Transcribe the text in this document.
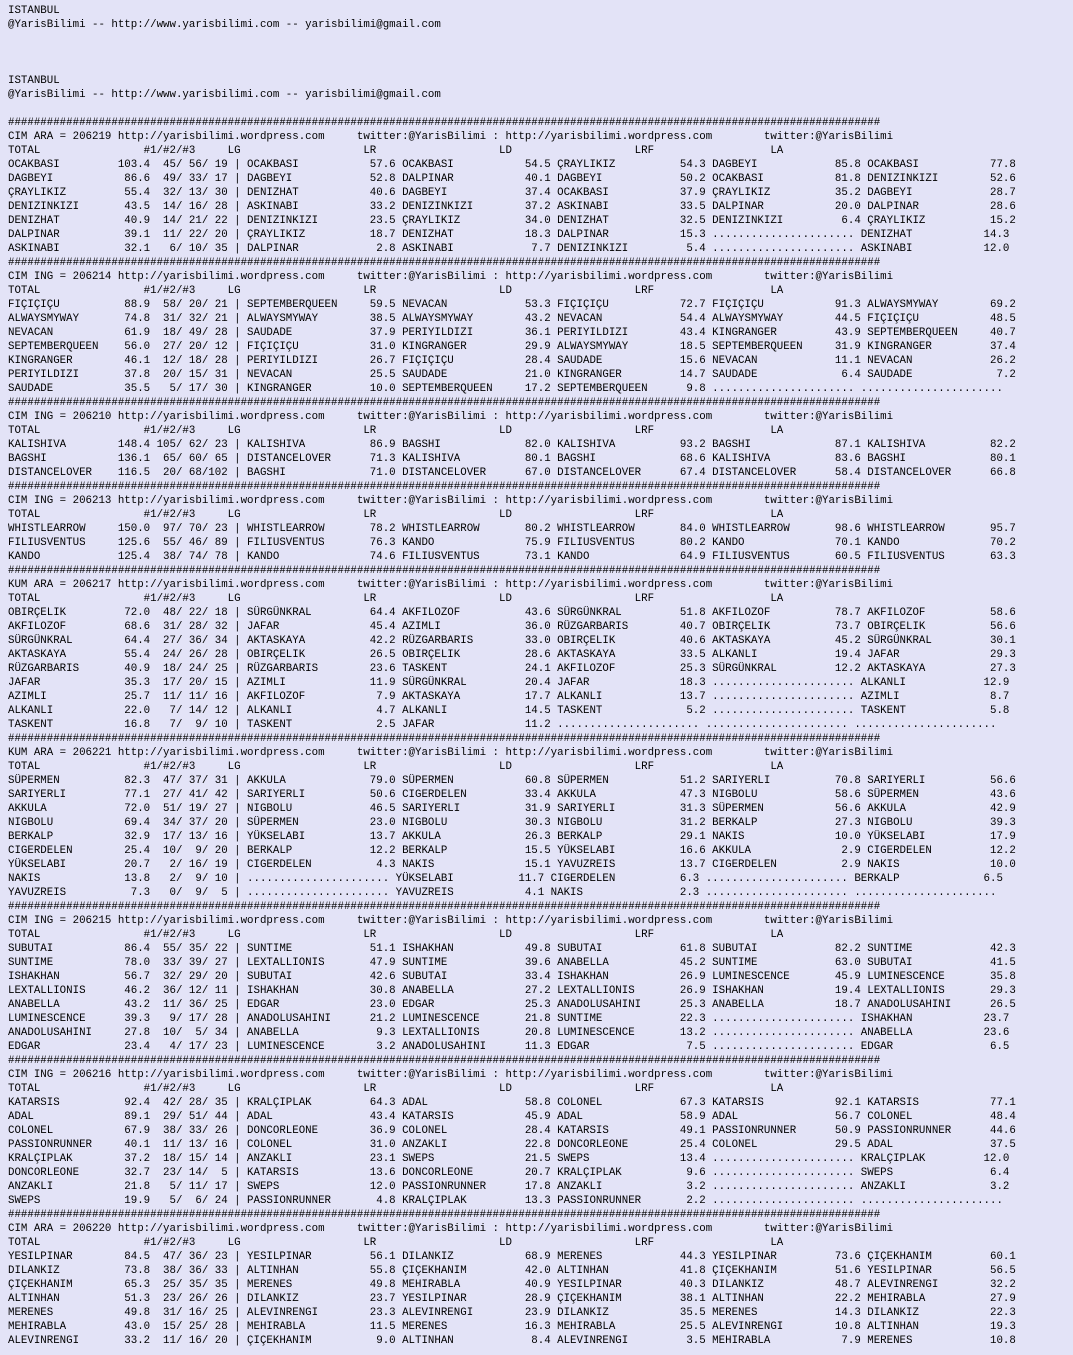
ISTANBUL
@YarisBilimi -- http://www.yarisbilimi.com -- yarisbilimi@gmail.com
ISTANBUL
@YarisBilimi -- http://www.yarisbilimi.com -- yarisbilimi@gmail.com
#######################################################################################################################################
CIM ARA = 206219 http://yarisbilimi.wordpress.com     twitter:@YarisBilimi : http://yarisbilimi.wordpress.com        twitter:@YarisBilimi
TOTAL                #1/#2/#3     LG                   LR                   LD                   LRF                  LA
OCAKBASI         103.4  45/ 56/ 19 | OCAKBASI           57.6 OCAKBASI           54.5 ÇRAYLIKIZ          54.3 DAGBEYI            85.8 OCAKBASI           77.8
DAGBEYI           86.6  49/ 33/ 17 | DAGBEYI            52.8 DALPINAR           40.1 DAGBEYI            50.2 OCAKBASI           81.8 DENIZINKIZI        52.6
ÇRAYLIKIZ         55.4  32/ 13/ 30 | DENIZHAT           40.6 DAGBEYI            37.4 OCAKBASI           37.9 ÇRAYLIKIZ          35.2 DAGBEYI            28.7
DENIZINKIZI       43.5  14/ 16/ 28 | ASKINABI           33.2 DENIZINKIZI        37.2 ASKINABI           33.5 DALPINAR           20.0 DALPINAR           28.6
DENIZHAT          40.9  14/ 21/ 22 | DENIZINKIZI        23.5 ÇRAYLIKIZ          34.0 DENIZHAT           32.5 DENIZINKIZI         6.4 ÇRAYLIKIZ          15.2
DALPINAR          39.1  11/ 22/ 20 | ÇRAYLIKIZ          18.7 DENIZHAT           18.3 DALPINAR           15.3 ...................... DENIZHAT           14.3
ASKINABI          32.1   6/ 10/ 35 | DALPINAR            2.8 ASKINABI            7.7 DENIZINKIZI         5.4 ...................... ASKINABI           12.0
#######################################################################################################################################
CIM ING = 206214 http://yarisbilimi.wordpress.com     twitter:@YarisBilimi : http://yarisbilimi.wordpress.com        twitter:@YarisBilimi
TOTAL                #1/#2/#3     LG                   LR                   LD                   LRF                  LA
FIÇIÇIÇU          88.9  58/ 20/ 21 | SEPTEMBERQUEEN     59.5 NEVACAN            53.3 FIÇIÇIÇU           72.7 FIÇIÇIÇU           91.3 ALWAYSMYWAY        69.2
ALWAYSMYWAY       74.8  31/ 32/ 21 | ALWAYSMYWAY        38.5 ALWAYSMYWAY        43.2 NEVACAN            54.4 ALWAYSMYWAY        44.5 FIÇIÇIÇU           48.5
NEVACAN           61.9  18/ 49/ 28 | SAUDADE            37.9 PERIYILDIZI        36.1 PERIYILDIZI        43.4 KINGRANGER         43.9 SEPTEMBERQUEEN     40.7
SEPTEMBERQUEEN    56.0  27/ 20/ 12 | FIÇIÇIÇU           31.0 KINGRANGER         29.9 ALWAYSMYWAY        18.5 SEPTEMBERQUEEN     31.9 KINGRANGER         37.4
KINGRANGER        46.1  12/ 18/ 28 | PERIYILDIZI        26.7 FIÇIÇIÇU           28.4 SAUDADE            15.6 NEVACAN            11.1 NEVACAN            26.2
PERIYILDIZI       37.8  20/ 15/ 31 | NEVACAN            25.5 SAUDADE            21.0 KINGRANGER         14.7 SAUDADE             6.4 SAUDADE             7.2
SAUDADE           35.5   5/ 17/ 30 | KINGRANGER         10.0 SEPTEMBERQUEEN     17.2 SEPTEMBERQUEEN      9.8 ...................... ......................
#######################################################################################################################################
CIM ING = 206210 http://yarisbilimi.wordpress.com     twitter:@YarisBilimi : http://yarisbilimi.wordpress.com        twitter:@YarisBilimi
TOTAL                #1/#2/#3     LG                   LR                   LD                   LRF                  LA
KALISHIVA        148.4 105/ 62/ 23 | KALISHIVA          86.9 BAGSHI             82.0 KALISHIVA          93.2 BAGSHI             87.1 KALISHIVA          82.2
BAGSHI           136.1  65/ 60/ 65 | DISTANCELOVER      71.3 KALISHIVA          80.1 BAGSHI             68.6 KALISHIVA          83.6 BAGSHI             80.1
DISTANCELOVER    116.5  20/ 68/102 | BAGSHI             71.0 DISTANCELOVER      67.0 DISTANCELOVER      67.4 DISTANCELOVER      58.4 DISTANCELOVER      66.8
#######################################################################################################################################
CIM ING = 206213 http://yarisbilimi.wordpress.com     twitter:@YarisBilimi : http://yarisbilimi.wordpress.com        twitter:@YarisBilimi
TOTAL                #1/#2/#3     LG                   LR                   LD                   LRF                  LA
WHISTLEARROW     150.0  97/ 70/ 23 | WHISTLEARROW       78.2 WHISTLEARROW       80.2 WHISTLEARROW       84.0 WHISTLEARROW       98.6 WHISTLEARROW       95.7
FILIUSVENTUS     125.6  55/ 46/ 89 | FILIUSVENTUS       76.3 KANDO              75.9 FILIUSVENTUS       80.2 KANDO              70.1 KANDO              70.2
KANDO            125.4  38/ 74/ 78 | KANDO              74.6 FILIUSVENTUS       73.1 KANDO              64.9 FILIUSVENTUS       60.5 FILIUSVENTUS       63.3
#######################################################################################################################################
KUM ARA = 206217 http://yarisbilimi.wordpress.com     twitter:@YarisBilimi : http://yarisbilimi.wordpress.com        twitter:@YarisBilimi
TOTAL                #1/#2/#3     LG                   LR                   LD                   LRF                  LA
OBIRÇELIK         72.0  48/ 22/ 18 | SÜRGÜNKRAL         64.4 AKFILOZOF          43.6 SÜRGÜNKRAL         51.8 AKFILOZOF          78.7 AKFILOZOF          58.6
AKFILOZOF         68.6  31/ 28/ 32 | JAFAR              45.4 AZIMLI             36.0 RÜZGARBARIS        40.7 OBIRÇELIK          73.7 OBIRÇELIK          56.6
SÜRGÜNKRAL        64.4  27/ 36/ 34 | AKTASKAYA          42.2 RÜZGARBARIS        33.0 OBIRÇELIK          40.6 AKTASKAYA          45.2 SÜRGÜNKRAL         30.1
AKTASKAYA         55.4  24/ 26/ 28 | OBIRÇELIK          26.5 OBIRÇELIK          28.6 AKTASKAYA          33.5 ALKANLI            19.4 JAFAR              29.3
RÜZGARBARIS       40.9  18/ 24/ 25 | RÜZGARBARIS        23.6 TASKENT            24.1 AKFILOZOF          25.3 SÜRGÜNKRAL         12.2 AKTASKAYA          27.3
JAFAR             35.3  17/ 20/ 15 | AZIMLI             11.9 SÜRGÜNKRAL         20.4 JAFAR              18.3 ...................... ALKANLI            12.9
AZIMLI            25.7  11/ 11/ 16 | AKFILOZOF           7.9 AKTASKAYA          17.7 ALKANLI            13.7 ...................... AZIMLI              8.7
ALKANLI           22.0   7/ 14/ 12 | ALKANLI             4.7 ALKANLI            14.5 TASKENT             5.2 ...................... TASKENT             5.8
TASKENT           16.8   7/  9/ 10 | TASKENT             2.5 JAFAR              11.2 ...................... ...................... ......................
#######################################################################################################################################
KUM ARA = 206221 http://yarisbilimi.wordpress.com     twitter:@YarisBilimi : http://yarisbilimi.wordpress.com        twitter:@YarisBilimi
TOTAL                #1/#2/#3     LG                   LR                   LD                   LRF                  LA
SÜPERMEN          82.3  47/ 37/ 31 | AKKULA             79.0 SÜPERMEN           60.8 SÜPERMEN           51.2 SARIYERLI          70.8 SARIYERLI          56.6
SARIYERLI         77.1  27/ 41/ 42 | SARIYERLI          50.6 CIGERDELEN         33.4 AKKULA             47.3 NIGBOLU            58.6 SÜPERMEN           43.6
AKKULA            72.0  51/ 19/ 27 | NIGBOLU            46.5 SARIYERLI          31.9 SARIYERLI          31.3 SÜPERMEN           56.6 AKKULA             42.9
NIGBOLU           69.4  34/ 37/ 20 | SÜPERMEN           23.0 NIGBOLU            30.3 NIGBOLU            31.2 BERKALP            27.3 NIGBOLU            39.3
BERKALP           32.9  17/ 13/ 16 | YÜKSELABI          13.7 AKKULA             26.3 BERKALP            29.1 NAKIS              10.0 YÜKSELABI          17.9
CIGERDELEN        25.4  10/  9/ 20 | BERKALP            12.2 BERKALP            15.5 YÜKSELABI          16.6 AKKULA              2.9 CIGERDELEN         12.2
YÜKSELABI         20.7   2/ 16/ 19 | CIGERDELEN          4.3 NAKIS              15.1 YAVUZREIS          13.7 CIGERDELEN          2.9 NAKIS              10.0
NAKIS             13.8   2/  9/ 10 | ...................... YÜKSELABI          11.7 CIGERDELEN          6.3 ...................... BERKALP             6.5
YAVUZREIS          7.3   0/  9/  5 | ...................... YAVUZREIS           4.1 NAKIS               2.3 ...................... ......................
#######################################################################################################################################
CIM ING = 206215 http://yarisbilimi.wordpress.com     twitter:@YarisBilimi : http://yarisbilimi.wordpress.com        twitter:@YarisBilimi
TOTAL                #1/#2/#3     LG                   LR                   LD                   LRF                  LA
SUBUTAI           86.4  55/ 35/ 22 | SUNTIME            51.1 ISHAKHAN           49.8 SUBUTAI            61.8 SUBUTAI            82.2 SUNTIME            42.3
SUNTIME           78.0  33/ 39/ 27 | LEXTALLIONIS       47.9 SUNTIME            39.6 ANABELLA           45.2 SUNTIME            63.0 SUBUTAI            41.5
ISHAKHAN          56.7  32/ 29/ 20 | SUBUTAI            42.6 SUBUTAI            33.4 ISHAKHAN           26.9 LUMINESCENCE       45.9 LUMINESCENCE       35.8
LEXTALLIONIS      46.2  36/ 12/ 11 | ISHAKHAN           30.8 ANABELLA           27.2 LEXTALLIONIS       26.9 ISHAKHAN           19.4 LEXTALLIONIS       29.3
ANABELLA          43.2  11/ 36/ 25 | EDGAR              23.0 EDGAR              25.3 ANADOLUSAHINI      25.3 ANABELLA           18.7 ANADOLUSAHINI      26.5
LUMINESCENCE      39.3   9/ 17/ 28 | ANADOLUSAHINI      21.2 LUMINESCENCE       21.8 SUNTIME            22.3 ...................... ISHAKHAN           23.7
ANADOLUSAHINI     27.8  10/  5/ 34 | ANABELLA            9.3 LEXTALLIONIS       20.8 LUMINESCENCE       13.2 ...................... ANABELLA           23.6
EDGAR             23.4   4/ 17/ 23 | LUMINESCENCE        3.2 ANADOLUSAHINI      11.3 EDGAR               7.5 ...................... EDGAR               6.5
#######################################################################################################################################
CIM ING = 206216 http://yarisbilimi.wordpress.com     twitter:@YarisBilimi : http://yarisbilimi.wordpress.com        twitter:@YarisBilimi
TOTAL                #1/#2/#3     LG                   LR                   LD                   LRF                  LA
KATARSIS          92.4  42/ 28/ 35 | KRALÇIPLAK         64.3 ADAL               58.8 COLONEL            67.3 KATARSIS           92.1 KATARSIS           77.1
ADAL              89.1  29/ 51/ 44 | ADAL               43.4 KATARSIS           45.9 ADAL               58.9 ADAL               56.7 COLONEL            48.4
COLONEL           67.9  38/ 33/ 26 | DONCORLEONE        36.9 COLONEL            28.4 KATARSIS           49.1 PASSIONRUNNER      50.9 PASSIONRUNNER      44.6
PASSIONRUNNER     40.1  11/ 13/ 16 | COLONEL            31.0 ANZAKLI            22.8 DONCORLEONE        25.4 COLONEL            29.5 ADAL               37.5
KRALÇIPLAK        37.2  18/ 15/ 14 | ANZAKLI            23.1 SWEPS              21.5 SWEPS              13.4 ...................... KRALÇIPLAK         12.0
DONCORLEONE       32.7  23/ 14/  5 | KATARSIS           13.6 DONCORLEONE        20.7 KRALÇIPLAK          9.6 ...................... SWEPS               6.4
ANZAKLI           21.8   5/ 11/ 17 | SWEPS              12.0 PASSIONRUNNER      17.8 ANZAKLI             3.2 ...................... ANZAKLI             3.2
SWEPS             19.9   5/  6/ 24 | PASSIONRUNNER       4.8 KRALÇIPLAK         13.3 PASSIONRUNNER       2.2 ...................... ......................
#######################################################################################################################################
CIM ARA = 206220 http://yarisbilimi.wordpress.com     twitter:@YarisBilimi : http://yarisbilimi.wordpress.com        twitter:@YarisBilimi
TOTAL                #1/#2/#3     LG                   LR                   LD                   LRF                  LA
YESILPINAR        84.5  47/ 36/ 23 | YESILPINAR         56.1 DILANKIZ           68.9 MERENES            44.3 YESILPINAR         73.6 ÇIÇEKHANIM         60.1
DILANKIZ          73.8  38/ 36/ 33 | ALTINHAN           55.8 ÇIÇEKHANIM         42.0 ALTINHAN           41.8 ÇIÇEKHANIM         51.6 YESILPINAR         56.5
ÇIÇEKHANIM        65.3  25/ 35/ 35 | MERENES            49.8 MEHIRABLA          40.9 YESILPINAR         40.3 DILANKIZ           48.7 ALEVINRENGI        32.2
ALTINHAN          51.3  23/ 26/ 26 | DILANKIZ           23.7 YESILPINAR         28.9 ÇIÇEKHANIM         38.1 ALTINHAN           22.2 MEHIRABLA          27.9
MERENES           49.8  31/ 16/ 25 | ALEVINRENGI        23.3 ALEVINRENGI        23.9 DILANKIZ           35.5 MERENES            14.3 DILANKIZ           22.3
MEHIRABLA         43.0  15/ 25/ 28 | MEHIRABLA          11.5 MERENES            16.3 MEHIRABLA          25.5 ALEVINRENGI        10.8 ALTINHAN           19.3
ALEVINRENGI       33.2  11/ 16/ 20 | ÇIÇEKHANIM          9.0 ALTINHAN            8.4 ALEVINRENGI         3.5 MEHIRABLA           7.9 MERENES            10.8
